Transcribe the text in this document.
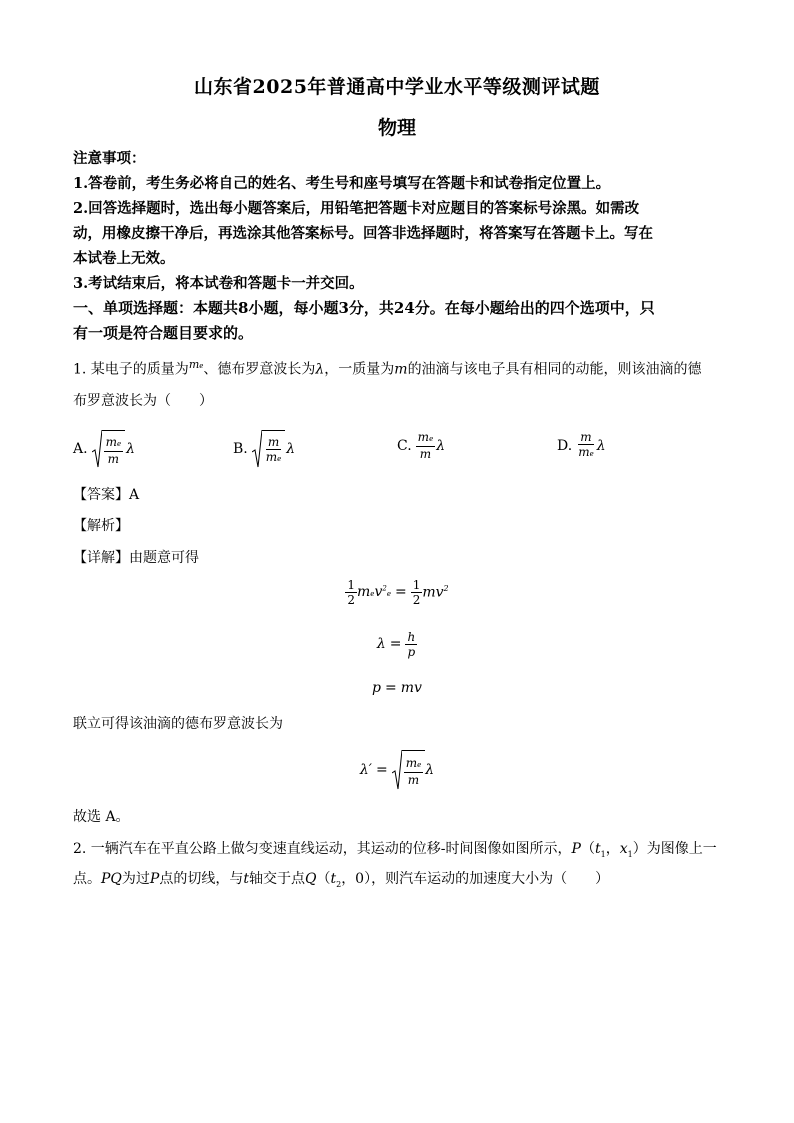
山东省2025年普通高中学业水平等级测评试题
物理
注意事项：
1.答卷前，考生务必将自己的姓名、考生号和座号填写在答题卡和试卷指定位置上。
2.回答选择题时，选出每小题答案后，用铅笔把答题卡对应题目的答案标号涂黑。如需改
动，用橡皮擦干净后，再选涂其他答案标号。回答非选择题时，将答案写在答题卡上。写在
本试卷上无效。
3.考试结束后，将本试卷和答题卡一并交回。
一、单项选择题：本题共8小题，每小题3分，共24分。在每小题给出的四个选项中，只
有一项是符合题目要求的。
1. 某电子的质量为$^{me}$、德布罗意波长为λ，一质量为m的油滴与该电子具有相同的动能，则该油滴的德
布罗意波长为（　　）
A. $\frac{me}{m}$ λ	B. $\frac{m}{me}$ λ	C. $\frac{me}{m}$ λ	D. $\frac{m}{me}$ λ
【答案】A
【解析】
【详解】由题意可得
$\frac{1}{2} mev^2e = \frac{1}{2} mv^2$
$\lambda = \frac{h}{p}$
p = mv
联立可得该油滴的德布罗意波长为
$\lambda' = \frac{me}{m}$ λ
故选 A。
2. 一辆汽车在平直公路上做匀变速直线运动，其运动的位移-时间图像如图所示，$P(t_1$，$x_1$）为图像上一
点。PQ为过P点的切线，与t轴交于点$Q(t_2$，0），则汽车运动的加速度大小为（　　）
